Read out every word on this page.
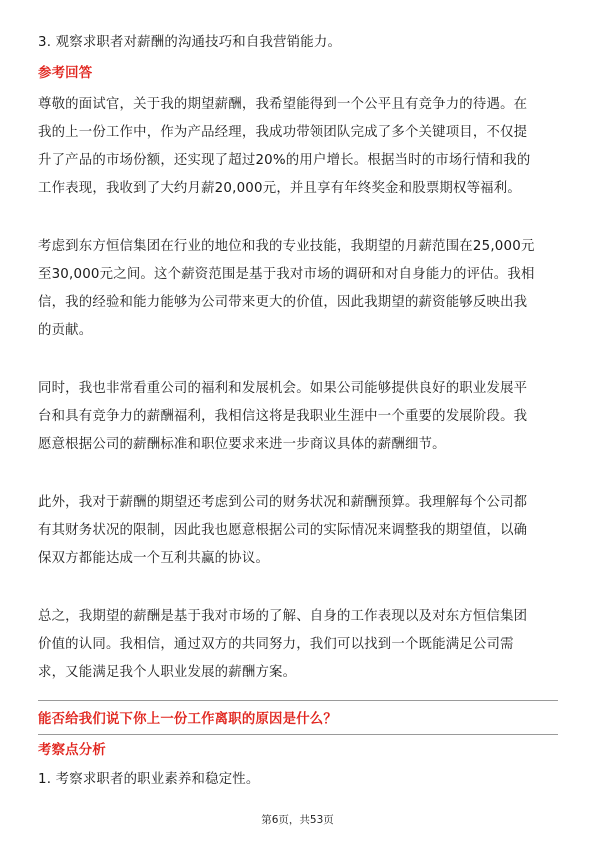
3. 观察求职者对薪酬的沟通技巧和自我营销能力。
参考回答
尊敬的面试官，关于我的期望薪酬，我希望能得到一个公平且有竞争力的待遇。在
我的上一份工作中，作为产品经理，我成功带领团队完成了多个关键项目，不仅提
升了产品的市场份额，还实现了超过20%的用户增长。根据当时的市场行情和我的
工作表现，我收到了大约月薪20,000元，并且享有年终奖金和股票期权等福利。
考虑到东方恒信集团在行业的地位和我的专业技能，我期望的月薪范围在25,000元
至30,000元之间。这个薪资范围是基于我对市场的调研和对自身能力的评估。我相
信，我的经验和能力能够为公司带来更大的价值，因此我期望的薪资能够反映出我
的贡献。
同时，我也非常看重公司的福利和发展机会。如果公司能够提供良好的职业发展平
台和具有竞争力的薪酬福利，我相信这将是我职业生涯中一个重要的发展阶段。我
愿意根据公司的薪酬标准和职位要求来进一步商议具体的薪酬细节。
此外，我对于薪酬的期望还考虑到公司的财务状况和薪酬预算。我理解每个公司都
有其财务状况的限制，因此我也愿意根据公司的实际情况来调整我的期望值，以确
保双方都能达成一个互利共赢的协议。
总之，我期望的薪酬是基于我对市场的了解、自身的工作表现以及对东方恒信集团
价值的认同。我相信，通过双方的共同努力，我们可以找到一个既能满足公司需
求，又能满足我个人职业发展的薪酬方案。
能否给我们说下你上一份工作离职的原因是什么？
考察点分析
1. 考察求职者的职业素养和稳定性。
第6页，共53页
